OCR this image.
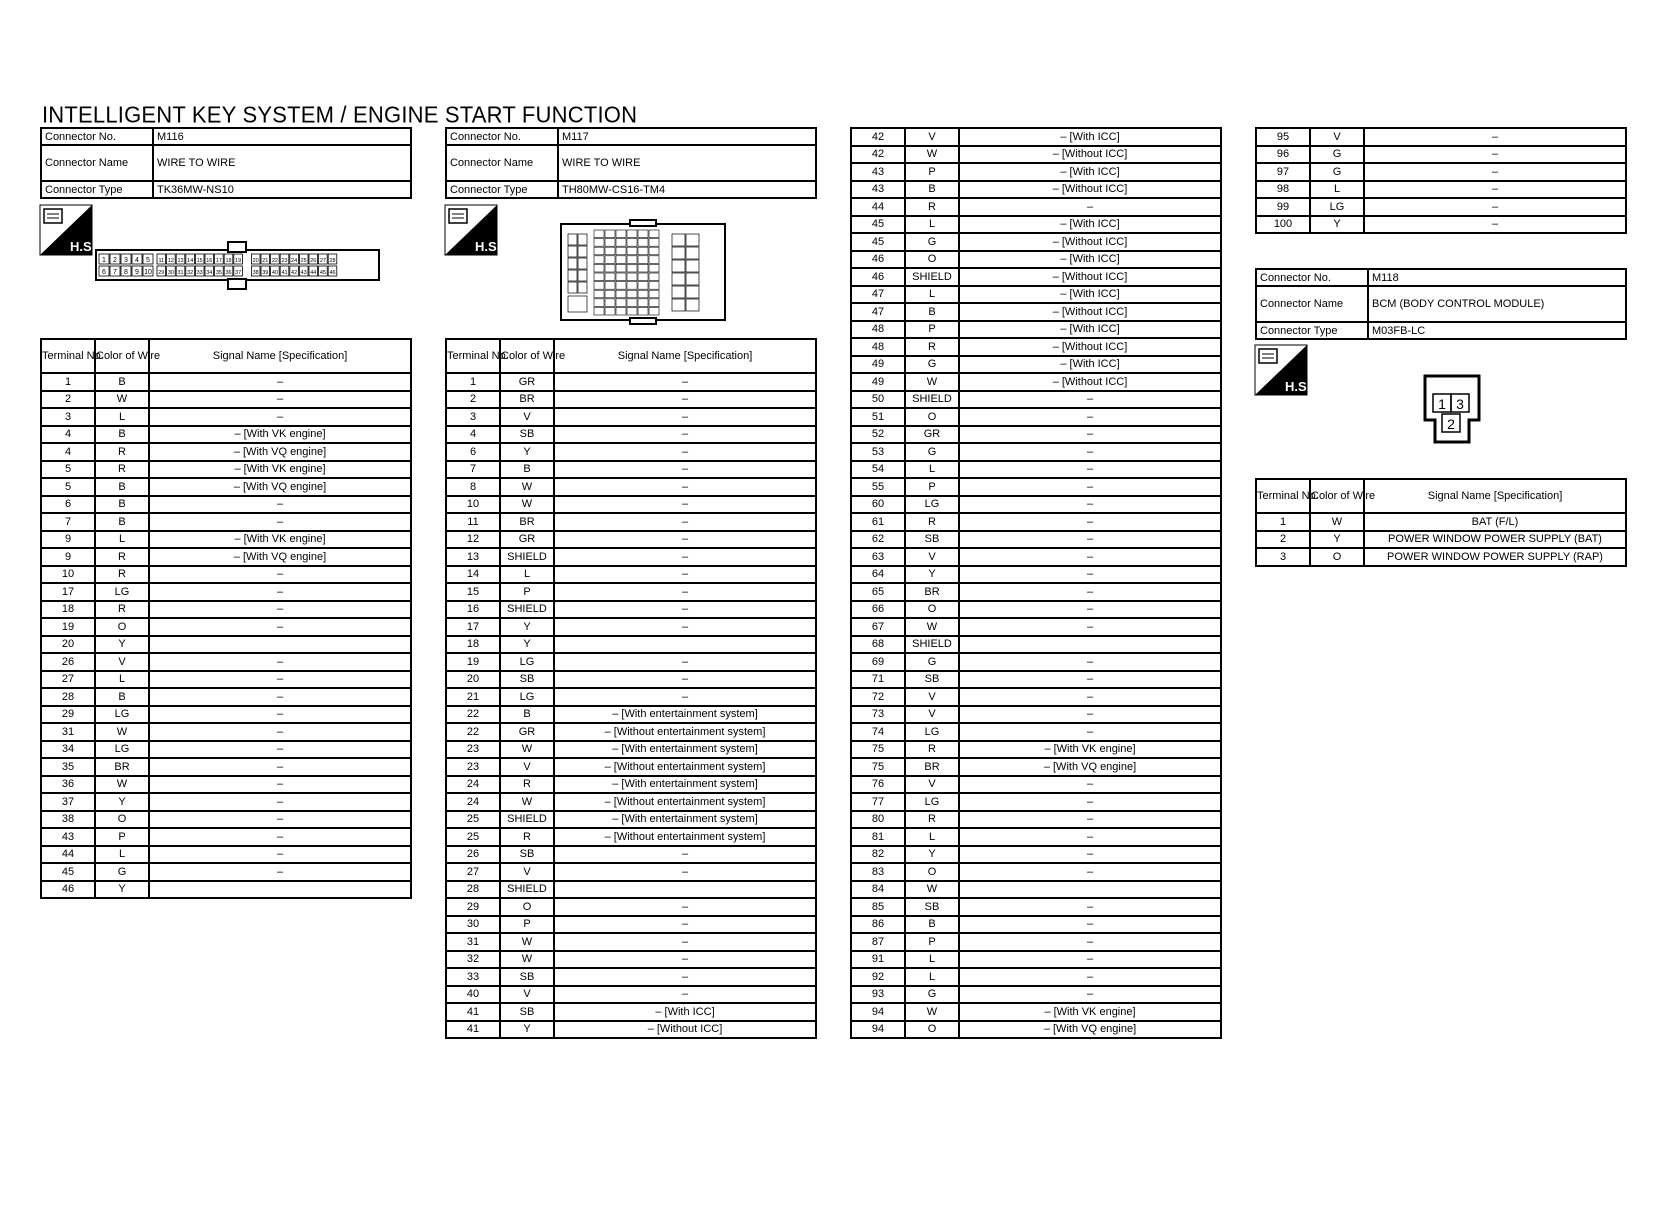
INTELLIGENT KEY SYSTEM / ENGINE START FUNCTION
Connector No.	M116
Connector Name	WIRE TO WIRE
Connector Type	TK36MW-NS10
H.S.
1 2 3 4 5 11 12 13 14 15 16 17 18 19 20 21 22 23 24 25 26 27 28
6 7 8 9 10 29 30 31 32 33 34 35 36 37 38 39 40 41 42 43 44 45 46
Terminal No.	Color of Wire	Signal Name [Specification]
1	B	–
2	W	–
3	L	–
4	B	– [With VK engine]
4	R	– [With VQ engine]
5	R	– [With VK engine]
5	B	– [With VQ engine]
6	B	–
7	B	–
9	L	– [With VK engine]
9	R	– [With VQ engine]
10	R	–
17	LG	–
18	R	–
19	O	–
20	Y	
26	V	–
27	L	–
28	B	–
29	LG	–
31	W	–
34	LG	–
35	BR	–
36	W	–
37	Y	–
38	O	–
43	P	–
44	L	–
45	G	–
46	Y	
Connector No.	M117
Connector Name	WIRE TO WIRE
Connector Type	TH80MW-CS16-TM4
H.S.
Terminal No.	Color of Wire	Signal Name [Specification]
1	GR	–
2	BR	–
3	V	–
4	SB	–
6	Y	–
7	B	–
8	W	–
10	W	–
11	BR	–
12	GR	–
13	SHIELD	–
14	L	–
15	P	–
16	SHIELD	–
17	Y	–
18	Y	
19	LG	–
20	SB	–
21	LG	–
22	B	– [With entertainment system]
22	GR	– [Without entertainment system]
23	W	– [With entertainment system]
23	V	– [Without entertainment system]
24	R	– [With entertainment system]
24	W	– [Without entertainment system]
25	SHIELD	– [With entertainment system]
25	R	– [Without entertainment system]
26	SB	–
27	V	–
28	SHIELD	
29	O	–
30	P	–
31	W	–
32	W	–
33	SB	–
40	V	–
41	SB	– [With ICC]
41	Y	– [Without ICC]
42	V	– [With ICC]
42	W	– [Without ICC]
43	P	– [With ICC]
43	B	– [Without ICC]
44	R	–
45	L	– [With ICC]
45	G	– [Without ICC]
46	O	– [With ICC]
46	SHIELD	– [Without ICC]
47	L	– [With ICC]
47	B	– [Without ICC]
48	P	– [With ICC]
48	R	– [Without ICC]
49	G	– [With ICC]
49	W	– [Without ICC]
50	SHIELD	–
51	O	–
52	GR	–
53	G	–
54	L	–
55	P	–
60	LG	–
61	R	–
62	SB	–
63	V	–
64	Y	–
65	BR	–
66	O	–
67	W	–
68	SHIELD	
69	G	–
71	SB	–
72	V	–
73	V	–
74	LG	–
75	R	– [With VK engine]
75	BR	– [With VQ engine]
76	V	–
77	LG	–
80	R	–
81	L	–
82	Y	–
83	O	–
84	W	
85	SB	–
86	B	–
87	P	–
91	L	–
92	L	–
93	G	–
94	W	– [With VK engine]
94	O	– [With VQ engine]
95	V	–
96	G	–
97	G	–
98	L	–
99	LG	–
100	Y	–
Connector No.	M118
Connector Name	BCM (BODY CONTROL MODULE)
Connector Type	M03FB-LC
H.S.
1 3
2
Terminal No.	Color of Wire	Signal Name [Specification]
1	W	BAT (F/L)
2	Y	POWER WINDOW POWER SUPPLY (BAT)
3	O	POWER WINDOW POWER SUPPLY (RAP)
